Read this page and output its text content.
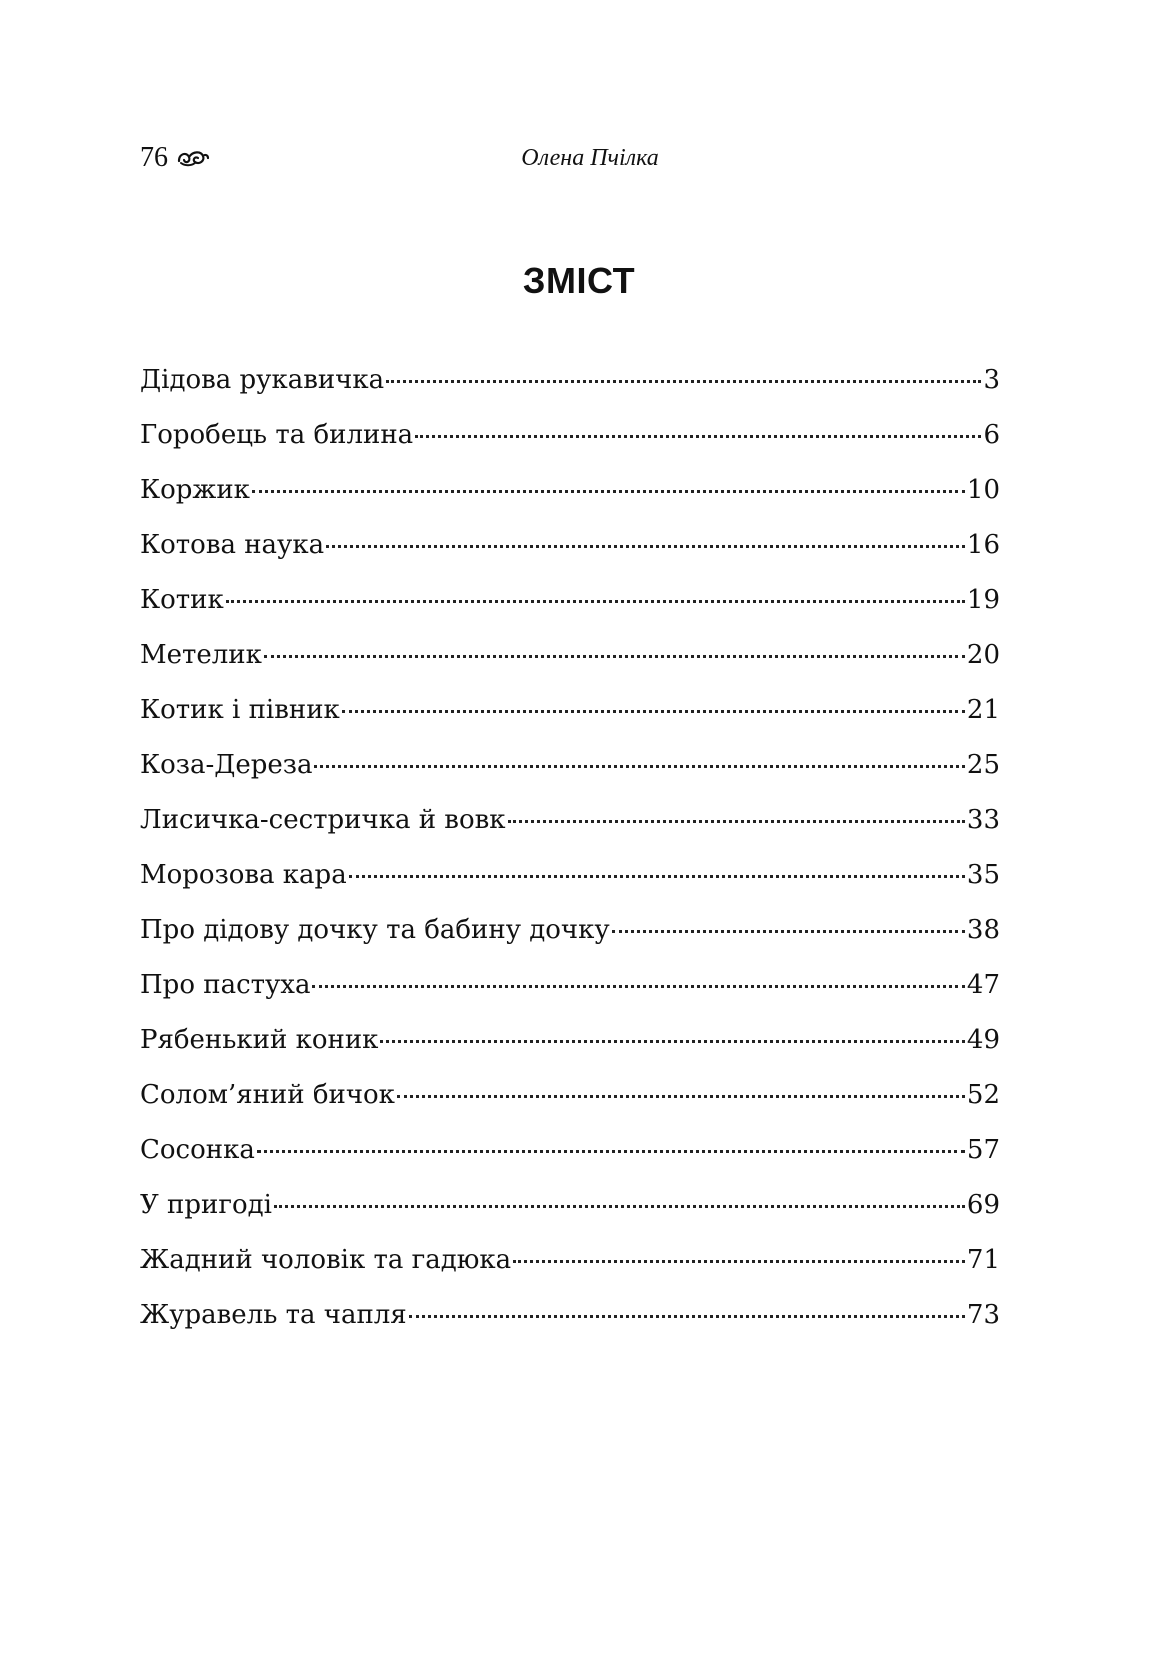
76	Олена Пчілка
ЗМІСТ
Дідова рукавичка	3
Горобець та билина	6
Коржик	10
Котова наука	16
Котик	19
Метелик	20
Котик і півник	21
Коза-Дереза	25
Лисичка-сестричка й вовк	33
Морозова кара	35
Про дідову дочку та бабину дочку	38
Про пастуха	47
Рябенький коник	49
Солом’яний бичок	52
Сосонка	57
У пригоді	69
Жадний чоловік та гадюка	71
Журавель та чапля	73
